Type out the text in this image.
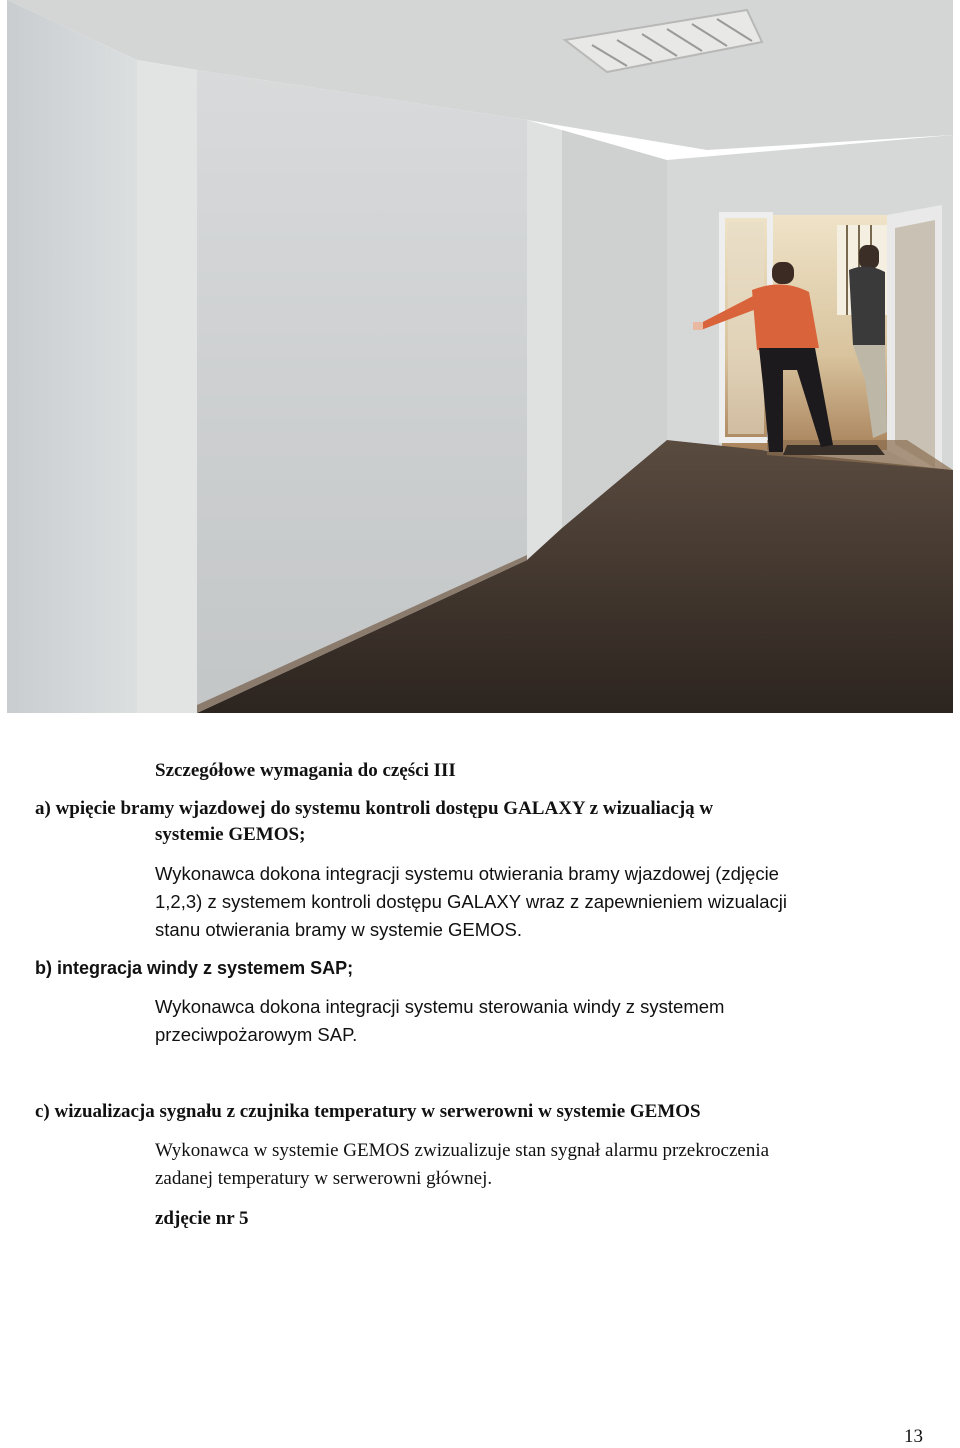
Szczegółowe wymagania do części III

a) wpięcie bramy wjazdowej do systemu kontroli dostępu GALAXY z wizualiacją w

systemie GEMOS;

Wykonawca dokona integracji systemu otwierania bramy wjazdowej (zdjęcie

1,2,3) z systemem kontroli dostępu GALAXY wraz z zapewnieniem wizualacji

stanu otwierania bramy w systemie GEMOS.

b) integracja windy z systemem SAP;

Wykonawca dokona integracji systemu sterowania windy z systemem

przeciwpożarowym SAP.

c) wizualizacja sygnału z czujnika temperatury w serwerowni w systemie GEMOS

Wykonawca w systemie GEMOS zwizualizuje stan sygnał alarmu przekroczenia

zadanej temperatury w serwerowni głównej.

zdjęcie nr 5

13
